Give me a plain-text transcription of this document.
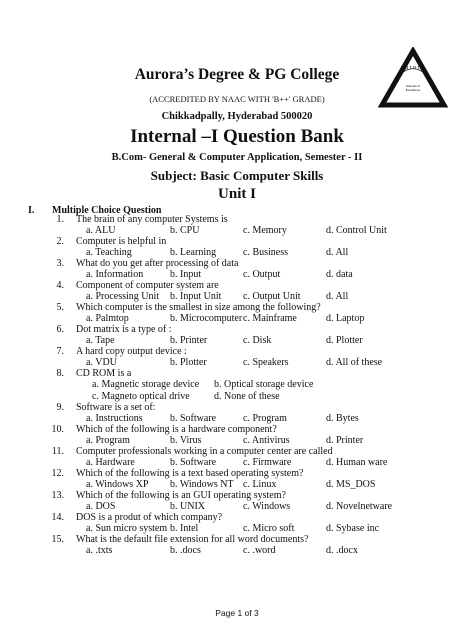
Aurora’s Degree & PG College	aurora
Schools of
Excellence
(ACCREDITED BY NAAC WITH 'B++' GRADE)
Chikkadpally, Hyderabad 500020
Internal –I Question Bank
B.Com- General & Computer Application, Semester - II
Subject: Basic Computer Skills
Unit I
I. Multiple Choice Question
1. The brain of any computer Systems is
a. ALU	b. CPU	c. Memory	d. Control Unit
2. Computer is helpful in
a. Teaching	b. Learning	c. Business	d. All
3. What do you get after processing of data
a. Information	b. Input	c. Output	d. data
4. Component of computer system are
a. Processing Unit b. Input Unit c. Output Unit	d. All
5. Which computer is the smallest in size among the following?
a. Palmtop	b. Microcomputer c. Mainframe	d. Laptop
6. Dot matrix is a type of :
a. Tape	b. Printer	c. Disk	d. Plotter
7. A hard copy output device :
a. VDU	b. Plotter	c. Speakers	d. All of these
8. CD ROM is a
a. Magnetic storage device b. Optical storage device
c. Magneto optical drive d. None of these
9. Software is a set of:
a. Instructions	b. Software	c. Program	d. Bytes
10. Which of the following is a hardware component?
a. Program	b. Virus	c. Antivirus	d. Printer
11. Computer professionals working in a computer center are called
a. Hardware	b. Software	c. Firmware	d. Human ware
12. Which of the following is a text based operating system?
a. Windows XP b. Windows NT c. Linux	d. MS_DOS
13. Which of the following is an GUI operating system?
a. DOS	b. UNIX	c. Windows	d. Novelnetware
14. DOS is a produt of which company?
a. Sun micro system b. Intel	c. Micro soft	d. Sybase inc
15. What is the default file extension for all word documents?
a. .txts	b. .docs	c. .word	d. .docx
Page 1 of 3
